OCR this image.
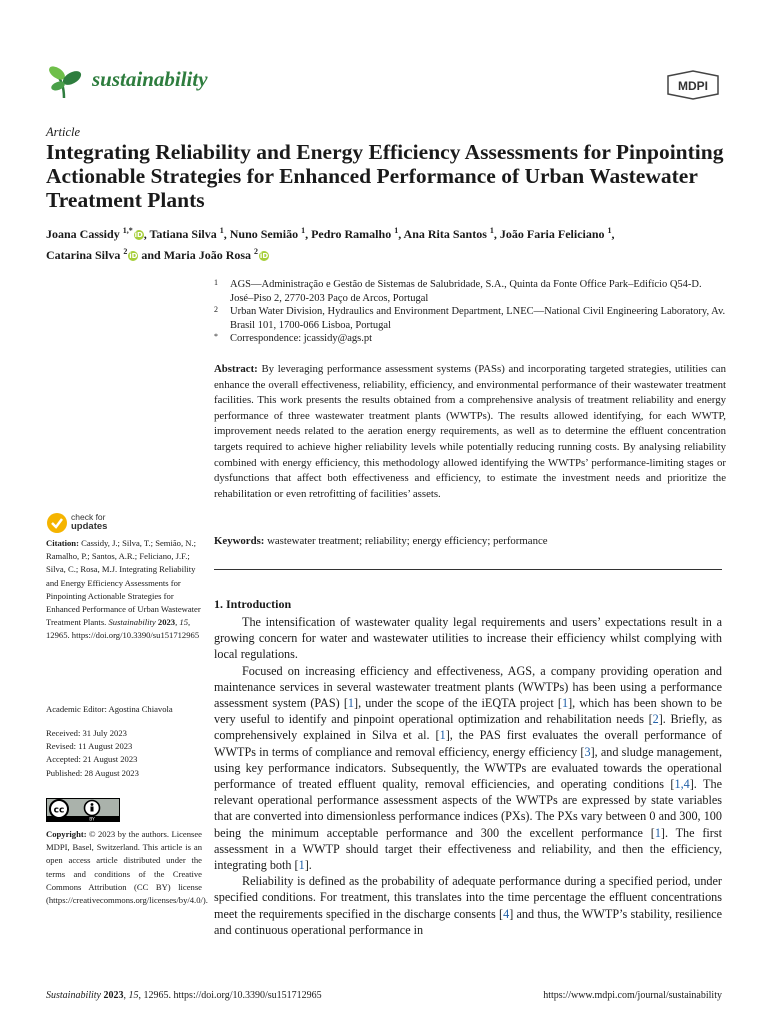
sustainability	MDPI
Article
Integrating Reliability and Energy Efficiency Assessments for Pinpointing Actionable Strategies for Enhanced Performance of Urban Wastewater Treatment Plants
Joana Cassidy $^{1,*}$ iD, Tatiana Silva $^1$, Nuno Semião $^1$, Pedro Ramalho $^1$, Ana Rita Santos $^1$, João Faria Feliciano $^1$,
Catarina Silva $^2$ iD and Maria João Rosa $^2$ iD
1 AGS—Administração e Gestão de Sistemas de Salubridade, S.A., Quinta da Fonte Office Park–Edifício Q54-D. José–Piso 2, 2770-203 Paço de Arcos, Portugal
2 Urban Water Division, Hydraulics and Environment Department, LNEC—National Civil Engineering Laboratory, Av. Brasil 101, 1700-066 Lisboa, Portugal
* Correspondence: jcassidy@ags.pt
Abstract: By leveraging performance assessment systems (PASs) and incorporating targeted strategies, utilities can enhance the overall effectiveness, reliability, efficiency, and environmental performance of their wastewater treatment facilities. This work presents the results obtained from a comprehensive analysis of treatment reliability and energy performance of three wastewater treatment plants (WWTPs). The results allowed identifying, for each WWTP, improvement needs related to the aeration energy requirements, as well as to determine the effluent concentration targets required to achieve higher reliability levels while potentially reducing running costs. By analysing reliability combined with energy efficiency, this methodology allowed identifying the WWTPs’ performance-limiting stages or dysfunctions that affect both effectiveness and efficiency, to estimate the investment needs and prioritize the rehabilitation or even retrofitting of facilities’ assets.
Keywords: wastewater treatment; reliability; energy efficiency; performance
check for
updates
Citation: Cassidy, J.; Silva, T.; Semião, N.; Ramalho, P.; Santos, A.R.; Feliciano, J.F.; Silva, C.; Rosa, M.J. Integrating Reliability and Energy Efficiency Assessments for Pinpointing Actionable Strategies for Enhanced Performance of Urban Wastewater Treatment Plants. Sustainability 2023, 15, 12965. https://doi.org/10.3390/su151712965
Academic Editor: Agostina Chiavola
Received: 31 July 2023
Revised: 11 August 2023
Accepted: 21 August 2023
Published: 28 August 2023
cc
BY
Copyright: © 2023 by the authors. Licensee MDPI, Basel, Switzerland. This article is an open access article distributed under the terms and conditions of the Creative Commons Attribution (CC BY) license (https://creativecommons.org/licenses/by/4.0/).
1. Introduction

The intensification of wastewater quality legal requirements and users’ expectations result in a growing concern for water and wastewater utilities to increase their efficiency whilst complying with local regulations.

Focused on increasing efficiency and effectiveness, AGS, a company providing operation and maintenance services in several wastewater treatment plants (WWTPs) has been using a performance assessment system (PAS) [1], under the scope of the iEQTA project [1], which has been shown to be very useful to identify and pinpoint operational optimization and rehabilitation needs [2]. Briefly, as comprehensively explained in Silva et al. [1], the PAS first evaluates the overall performance of WWTPs in terms of compliance and removal efficiency, energy efficiency [3], and sludge management, using key performance indicators. Subsequently, the WWTPs are evaluated towards the operational performance of treated effluent quality, removal efficiencies, and operating conditions [1,4]. The relevant operational performance assessment aspects of the WWTPs are expressed by state variables that are converted into dimensionless performance indices (PXs). The PXs vary between 0 and 300, 100 being the minimum acceptable performance and 300 the excellent performance [1]. The first assessment in a WWTP should target their effectiveness and reliability, and then the efficiency, integrating both [1].

Reliability is defined as the probability of adequate performance during a specified period, under specified conditions. For treatment, this translates into the time percentage the effluent concentrations meet the requirements specified in the discharge consents [4] and thus, the WWTP’s stability, resilience and continuous operational performance in

Sustainability 2023, 15, 12965. https://doi.org/10.3390/su151712965	https://www.mdpi.com/journal/sustainability
